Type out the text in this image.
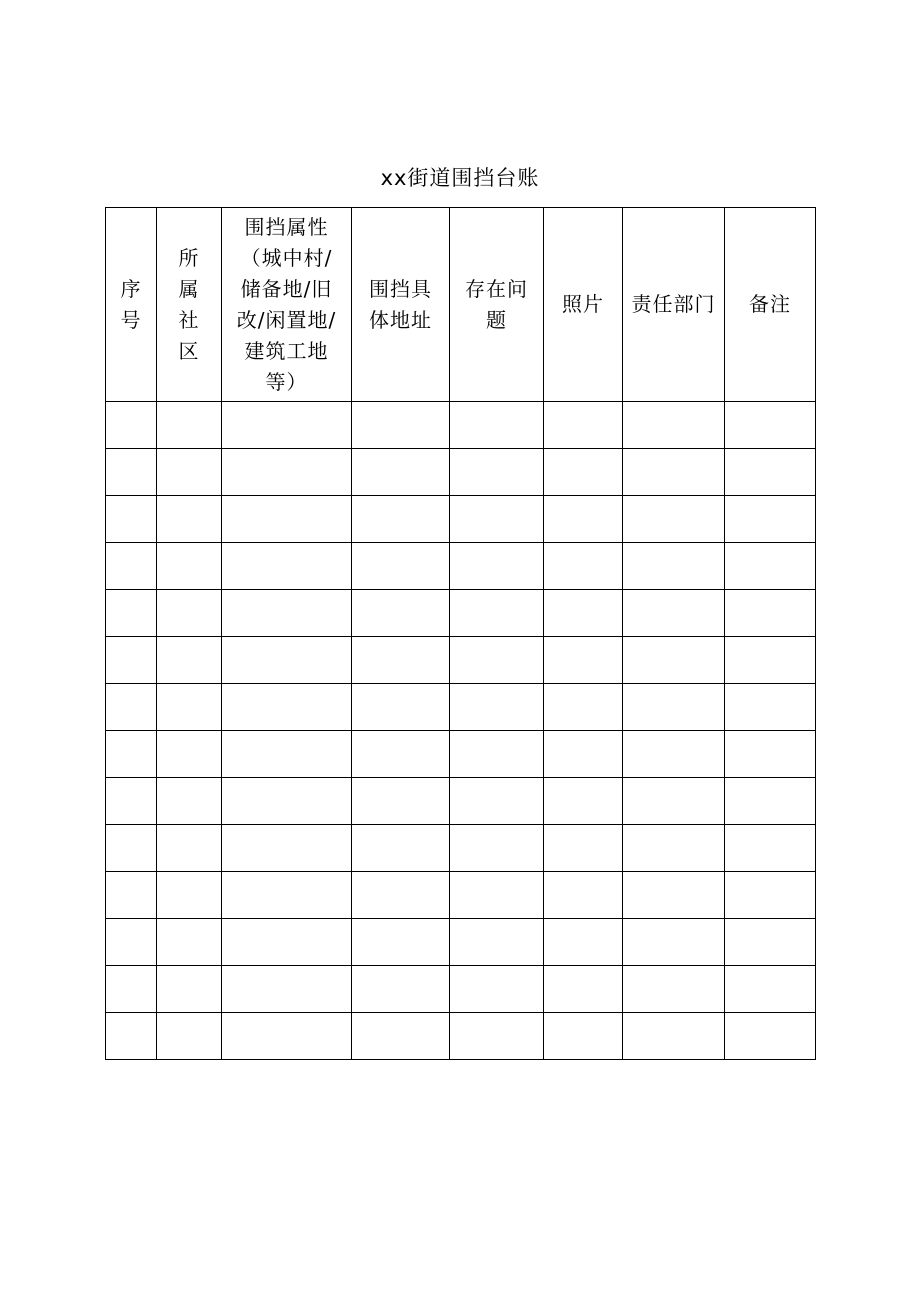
xx街道围挡台账
序号	所属社区	围挡属性（城中村/储备地/旧改/闲置地/建筑工地等）	围挡具体地址	存在问题	照片	责任部门	备注
